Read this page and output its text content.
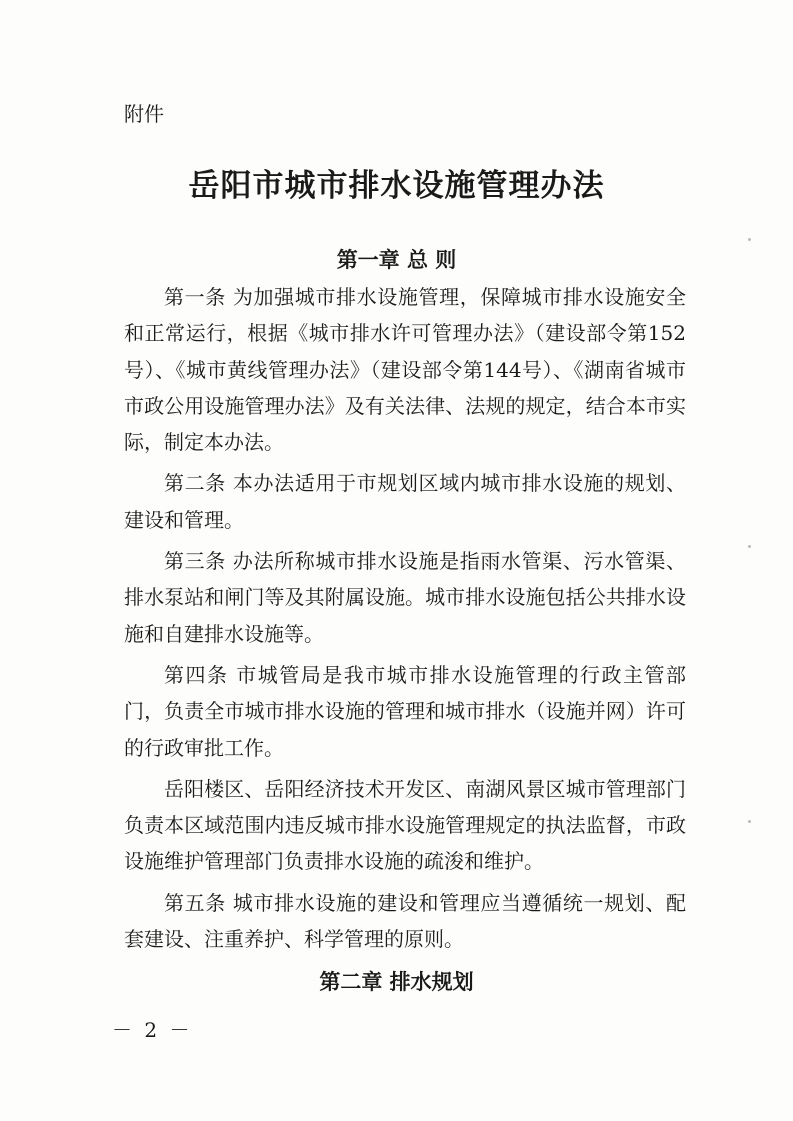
附件
岳阳市城市排水设施管理办法
第一章 总 则

第一条 为加强城市排水设施管理，保障城市排水设施安全和正常运行，根据《城市排水许可管理办法》（建设部令第152号）、《城市黄线管理办法》（建设部令第144号）、《湖南省城市市政公用设施管理办法》及有关法律、法规的规定，结合本市实际，制定本办法。

第二条 本办法适用于市规划区域内城市排水设施的规划、建设和管理。

第三条 办法所称城市排水设施是指雨水管渠、污水管渠、排水泵站和闸门等及其附属设施。城市排水设施包括公共排水设施和自建排水设施等。

第四条 市城管局是我市城市排水设施管理的行政主管部门，负责全市城市排水设施的管理和城市排水（设施并网）许可的行政审批工作。

岳阳楼区、岳阳经济技术开发区、南湖风景区城市管理部门负责本区域范围内违反城市排水设施管理规定的执法监督，市政设施维护管理部门负责排水设施的疏浚和维护。

第五条 城市排水设施的建设和管理应当遵循统一规划、配套建设、注重养护、科学管理的原则。

第二章 排水规划
－ 2 －
